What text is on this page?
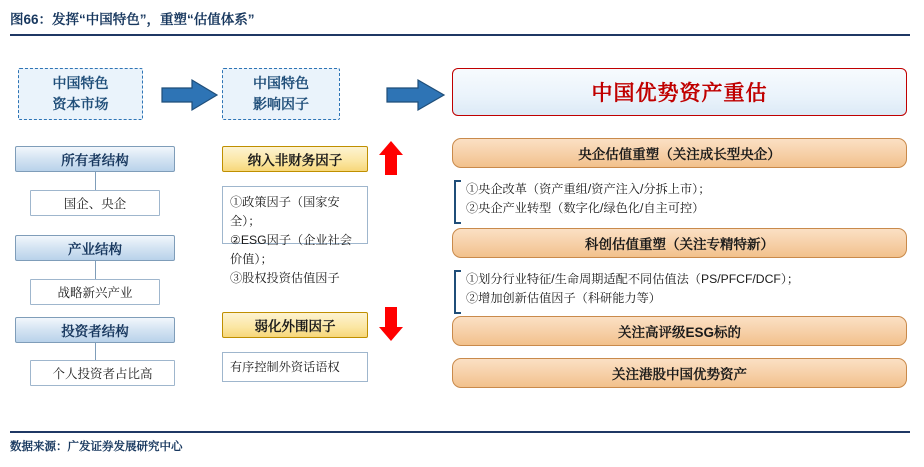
图66：发挥“中国特色”，重塑“估值体系”
中国特色
资本市场
所有者结构
国企、央企
产业结构
战略新兴产业
投资者结构
个人投资者占比高
中国特色
影响因子
纳入非财务因子
①政策因子（国家安全）；
②ESG因子（企业社会价值）；
③股权投资估值因子
弱化外围因子
有序控制外资话语权
中国优势资产重估
央企估值重塑（关注成长型央企）
①央企改革（资产重组/资产注入/分拆上市）；
②央企产业转型（数字化/绿色化/自主可控）
科创估值重塑（关注专精特新）
①划分行业特征/生命周期适配不同估值法（PS/PFCF/DCF）；
②增加创新估值因子（科研能力等）
关注高评级ESG标的
关注港股中国优势资产
数据来源：广发证券发展研究中心
